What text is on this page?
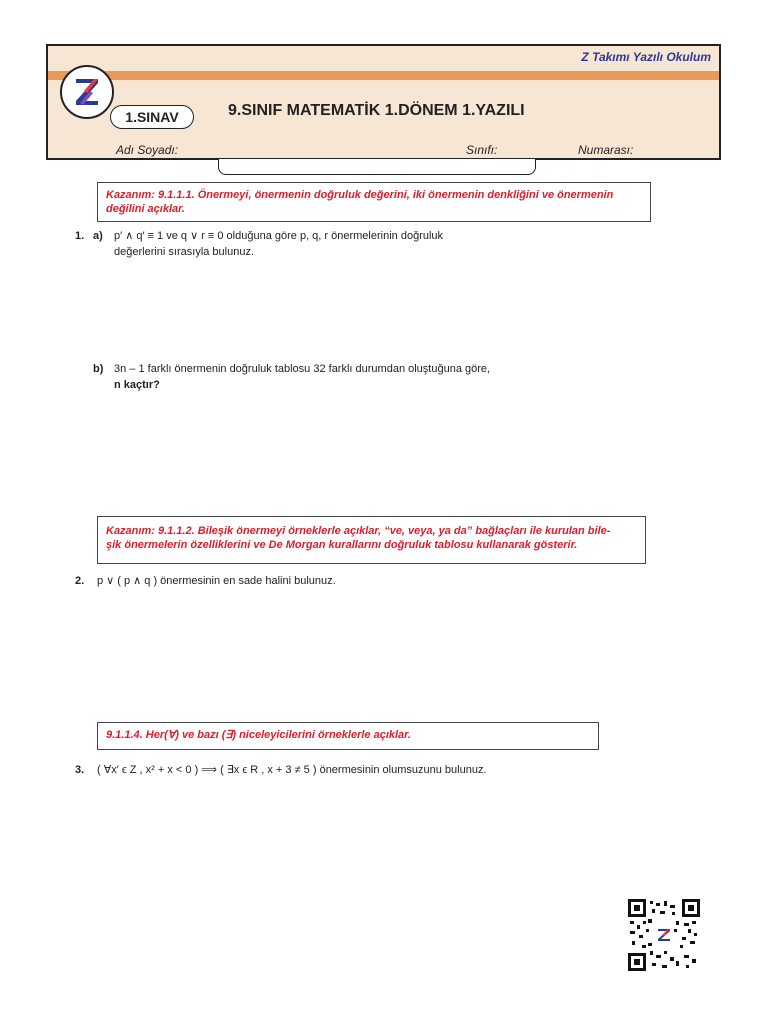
Z Takımı Yazılı Okulum
1.SINAV	9.SINIF MATEMATİK 1.DÖNEM 1.YAZILI
Adı Soyadı:	Sınıfı:	Numarası:
Kazanım: 9.1.1.1. Önermeyi, önermenin doğruluk değerini, iki önermenin denkliğini ve önermenin değilini açıklar.
1. a) p′ ∧ q′ ≡ 1 ve q ∨ r ≡ 0 olduğuna göre p, q, r önermelerinin doğruluk
değerlerini sırasıyla bulunuz.
b) 3n – 1 farklı önermenin doğruluk tablosu 32 farklı durumdan oluştuğuna göre,
n kaçtır?
Kazanım: 9.1.1.2. Bileşik önermeyi örneklerle açıklar, “ve, veya, ya da” bağlaçları ile kurulan bile-
şik önermelerin özelliklerini ve De Morgan kurallarını doğruluk tablosu kullanarak gösterir.
2. p ∨ ( p ∧ q ) önermesinin en sade halini bulunuz.
9.1.1.4. Her(∀) ve bazı (∃) niceleyicilerini örneklerle açıklar.
3. ( ∀x′ ϵ Z , x² + x < 0 ) ⟹ ( ∃x ϵ R , x + 3 ≠ 5 ) önermesinin olumsuzunu bulunuz.
